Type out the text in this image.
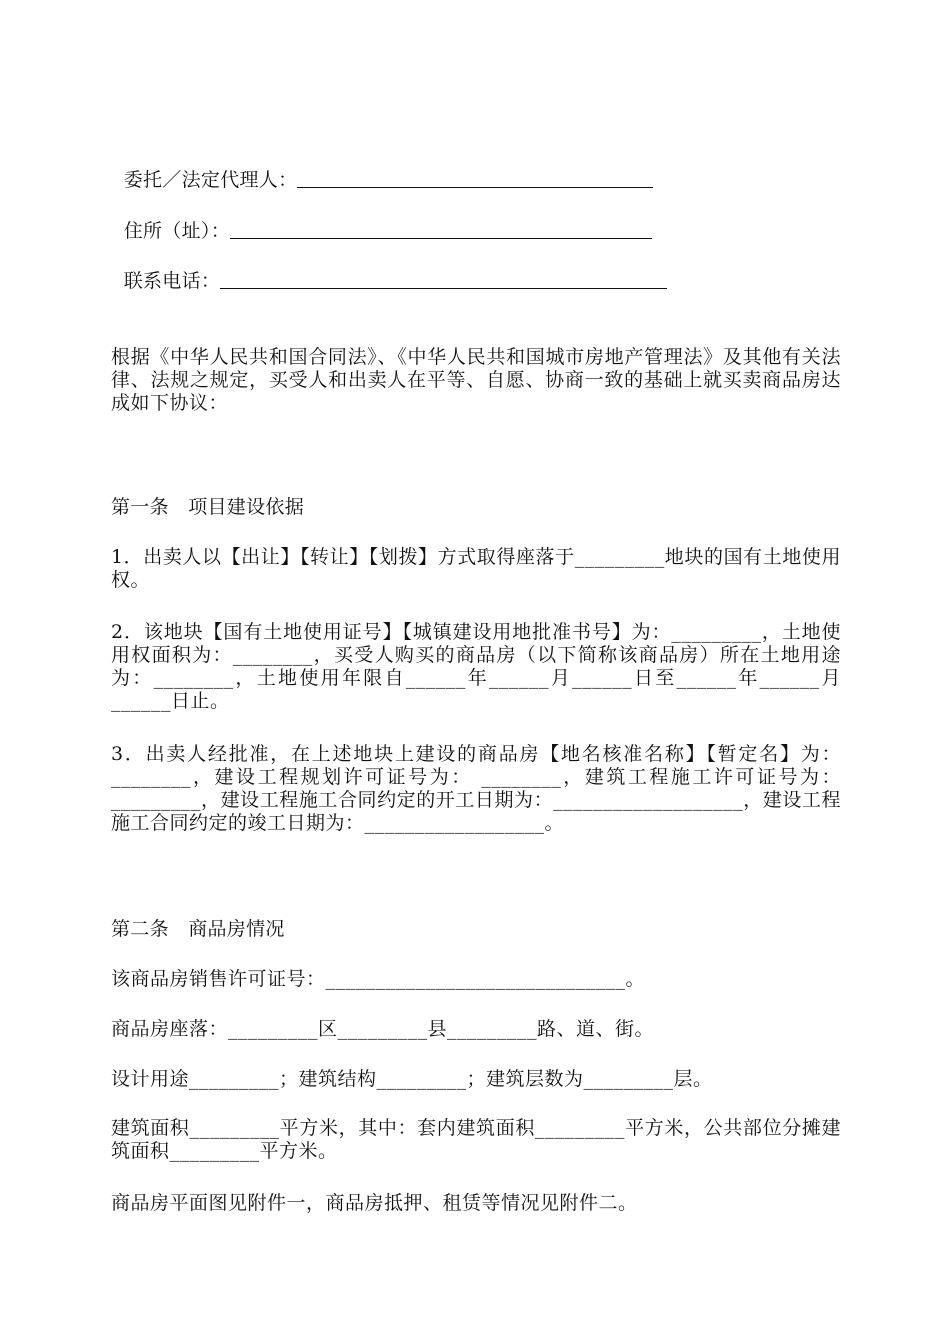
委托／法定代理人：

住所（址）：

联系电话：

根据《中华人民共和国合同法》、《中华人民共和国城市房地产管理法》及其他有关法律、法规之规定，买受人和出卖人在平等、自愿、协商一致的基础上就买卖商品房达成如下协议：
第一条　项目建设依据
1．出卖人以【出让】【转让】【划拨】方式取得座落于_________地块的国有土地使用权。
2．该地块【国有土地使用证号】【城镇建设用地批准书号】为：_________，土地使用权面积为：________，买受人购买的商品房（以下简称该商品房）所在土地用途为：________，土地使用年限自______年______月______日至______年______月______日止。
3．出卖人经批准，在上述地块上建设的商品房【地名核准名称】【暂定名】为：________，建设工程规划许可证号为： ________，建筑工程施工许可证号为：_________，建设工程施工合同约定的开工日期为：___________________，建设工程施工合同约定的竣工日期为：__________________。
第二条　商品房情况
该商品房销售许可证号：______________________________。
商品房座落：_________区_________县_________路、道、街。
设计用途_________；建筑结构_________；建筑层数为_________层。
建筑面积_________平方米，其中：套内建筑面积_________平方米，公共部位分摊建筑面积_________平方米。
商品房平面图见附件一，商品房抵押、租赁等情况见附件二。
